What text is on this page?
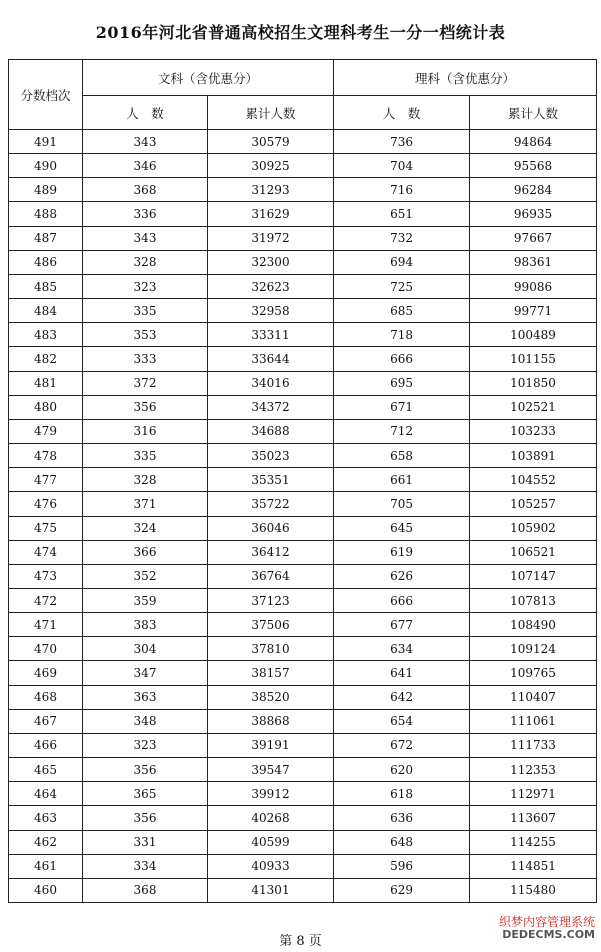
2016年河北省普通高校招生文理科考生一分一档统计表
分数档次	文科（含优惠分）		理科（含优惠分）	
	人　数	累计人数	人　数	累计人数
491	343	30579	736	94864
490	346	30925	704	95568
489	368	31293	716	96284
488	336	31629	651	96935
487	343	31972	732	97667
486	328	32300	694	98361
485	323	32623	725	99086
484	335	32958	685	99771
483	353	33311	718	100489
482	333	33644	666	101155
481	372	34016	695	101850
480	356	34372	671	102521
479	316	34688	712	103233
478	335	35023	658	103891
477	328	35351	661	104552
476	371	35722	705	105257
475	324	36046	645	105902
474	366	36412	619	106521
473	352	36764	626	107147
472	359	37123	666	107813
471	383	37506	677	108490
470	304	37810	634	109124
469	347	38157	641	109765
468	363	38520	642	110407
467	348	38868	654	111061
466	323	39191	672	111733
465	356	39547	620	112353
464	365	39912	618	112971
463	356	40268	636	113607
462	331	40599	648	114255
461	334	40933	596	114851
460	368	41301	629	115480
第 8 页
织梦内容管理系统
DEDECMS.COM
